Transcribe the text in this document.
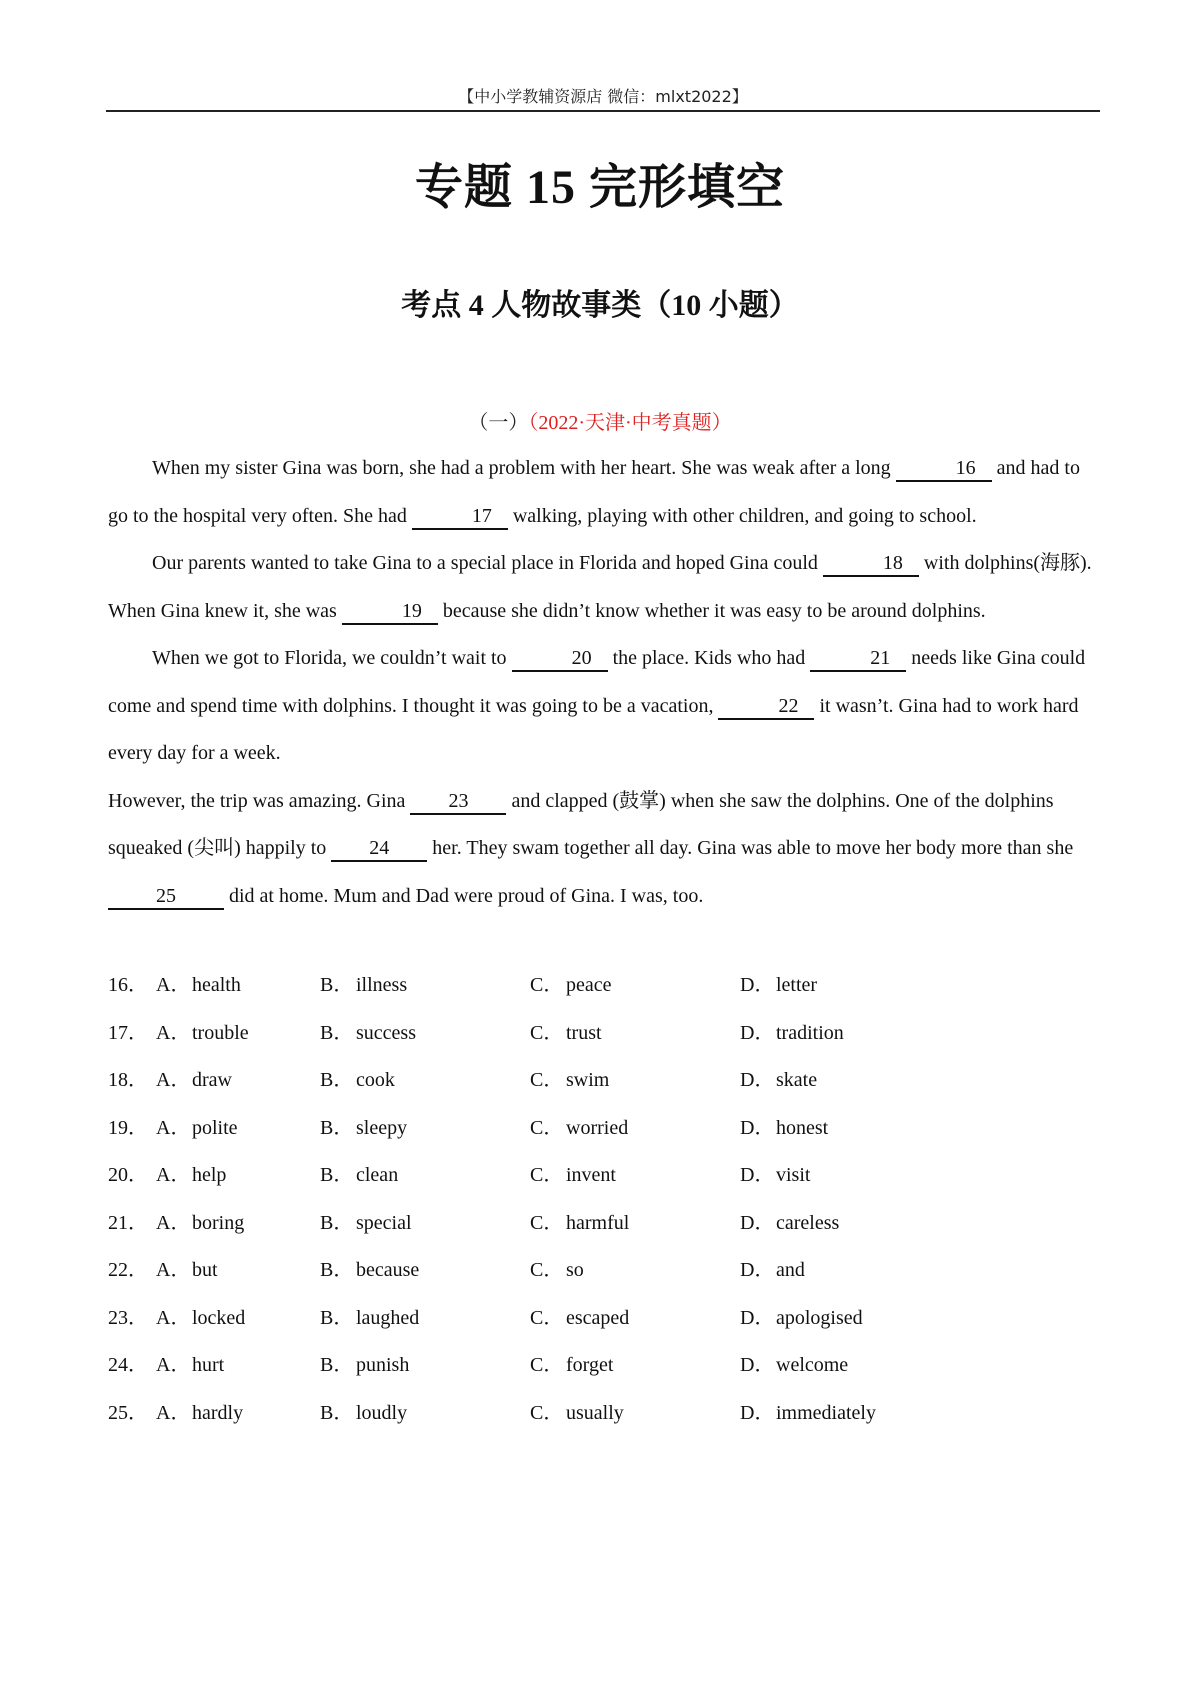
【中小学教辅资源店 微信：mlxt2022】
专题 15 完形填空
考点 4 人物故事类（10 小题）
（一）（2022·天津·中考真题）

When my sister Gina was born, she had a problem with her heart. She was weak after a long	16 and had to go to the hospital very often. She had	17 walking, playing with other children, and going to school.

Our parents wanted to take Gina to a special place in Florida and hoped Gina could	18 with dolphins(海豚). When Gina knew it, she was	19 because she didn’t know whether it was easy to be around dolphins.

When we got to Florida, we couldn’t wait to	20 the place. Kids who had	21 needs like Gina could come and spend time with dolphins. I thought it was going to be a vacation,	22 it wasn’t. Gina had to work hard every day for a week.

However, the trip was amazing. Gina 23 and clapped (鼓掌) when she saw the dolphins. One of the dolphins squeaked (尖叫) happily to 24 her. They swam together all day. Gina was able to move her body more than she 25 did at home. Mum and Dad were proud of Gina. I was, too.

16． A．health	B． illness	C． peace	D．letter
17． A．trouble	B． success	C． trust	D．tradition
18． A．draw	B． cook	C． swim	D．skate
19． A．polite	B． sleepy	C． worried	D．honest
20． A．help	B． clean	C． invent	D．visit
21． A．boring	B． special	C． harmful	D．careless
22． A．but	B． because	C． so	D．and
23． A．locked	B． laughed	C． escaped	D．apologised
24． A．hurt	B． punish	C． forget	D．welcome
25． A．hardly	B． loudly	C． usually	D．immediately
